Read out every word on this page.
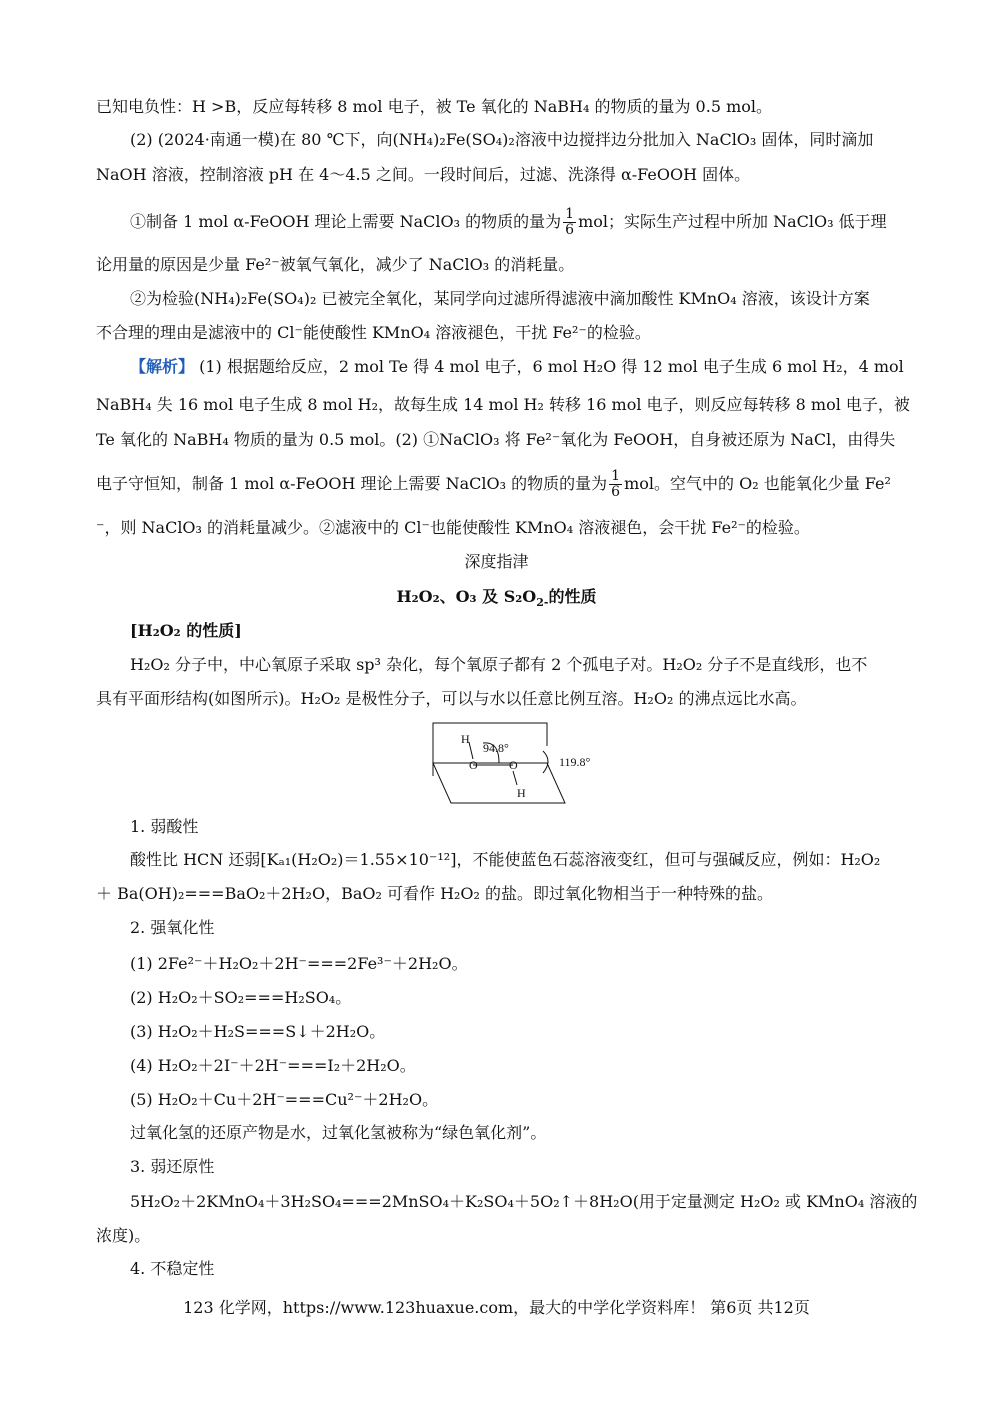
已知电负性：H >B，反应每转移 8 mol 电子，被 Te 氧化的 NaBH₄ 的物质的量为 0.5 mol。
(2) (2024·南通一模)在 80 ℃下，向(NH₄)₂Fe(SO₄)₂溶液中边搅拌边分批加入 NaClO₃ 固体，同时滴加
NaOH 溶液，控制溶液 pH 在 4～4.5 之间。一段时间后，过滤、洗涤得 α-FeOOH 固体。
①制备 1 mol α-FeOOH 理论上需要 NaClO₃ 的物质的量为 $\frac{1}{6}$ mol；实际生产过程中所加 NaClO₃ 低于理
论用量的原因是少量 Fe²⁻被氧气氧化，减少了 NaClO₃ 的消耗量。
②为检验(NH₄)₂Fe(SO₄)₂ 已被完全氧化，某同学向过滤所得滤液中滴加酸性 KMnO₄ 溶液，该设计方案
不合理的理由是滤液中的 Cl⁻能使酸性 KMnO₄ 溶液褪色，干扰 Fe²⁻的检验。
【解析】 (1) 根据题给反应，2 mol Te 得 4 mol 电子，6 mol H₂O 得 12 mol 电子生成 6 mol H₂，4 mol
NaBH₄ 失 16 mol 电子生成 8 mol H₂，故每生成 14 mol H₂ 转移 16 mol 电子，则反应每转移 8 mol 电子，被
Te 氧化的 NaBH₄ 物质的量为 0.5 mol。(2) ①NaClO₃ 将 Fe²⁻氧化为 FeOOH，自身被还原为 NaCl，由得失
电子守恒知，制备 1 mol α-FeOOH 理论上需要 NaClO₃ 的物质的量为 $\frac{1}{6}$ mol。空气中的 O₂ 也能氧化少量 Fe²
⁻，则 NaClO₃ 的消耗量减少。②滤液中的 Cl⁻也能使酸性 KMnO₄ 溶液褪色，会干扰 Fe²⁻的检验。
深度指津
H₂O₂、O₃ 及 $S_2O_{2-}$的性质
[H₂O₂ 的性质]
H₂O₂ 分子中，中心氧原子采取 sp³ 杂化，每个氧原子都有 2 个孤电子对。H₂O₂ 分子不是直线形，也不
具有平面形结构(如图所示)。H₂O₂ 是极性分子，可以与水以任意比例互溶。H₂O₂ 的沸点远比水高。
H
O	O
H
94.8°
119.8°
1. 弱酸性
酸性比 HCN 还弱[Kₐ₁(H₂O₂)＝1.55×10⁻¹²]，不能使蓝色石蕊溶液变红，但可与强碱反应，例如：H₂O₂
＋ Ba(OH)₂===BaO₂＋2H₂O，BaO₂ 可看作 H₂O₂ 的盐。即过氧化物相当于一种特殊的盐。
2. 强氧化性
(1) 2Fe²⁻＋H₂O₂＋2H⁻===2Fe³⁻＋2H₂O。
(2) H₂O₂＋SO₂===H₂SO₄。
(3) H₂O₂＋H₂S===S↓＋2H₂O。
(4) H₂O₂＋2I⁻＋2H⁻===I₂＋2H₂O。
(5) H₂O₂＋Cu＋2H⁻===Cu²⁻＋2H₂O。
过氧化氢的还原产物是水，过氧化氢被称为“绿色氧化剂”。
3. 弱还原性
5H₂O₂＋2KMnO₄＋3H₂SO₄===2MnSO₄＋K₂SO₄＋5O₂↑＋8H₂O(用于定量测定 H₂O₂ 或 KMnO₄ 溶液的
浓度)。
4. 不稳定性
123 化学网，https://www.123huaxue.com，最大的中学化学资料库！ 第6页 共12页
